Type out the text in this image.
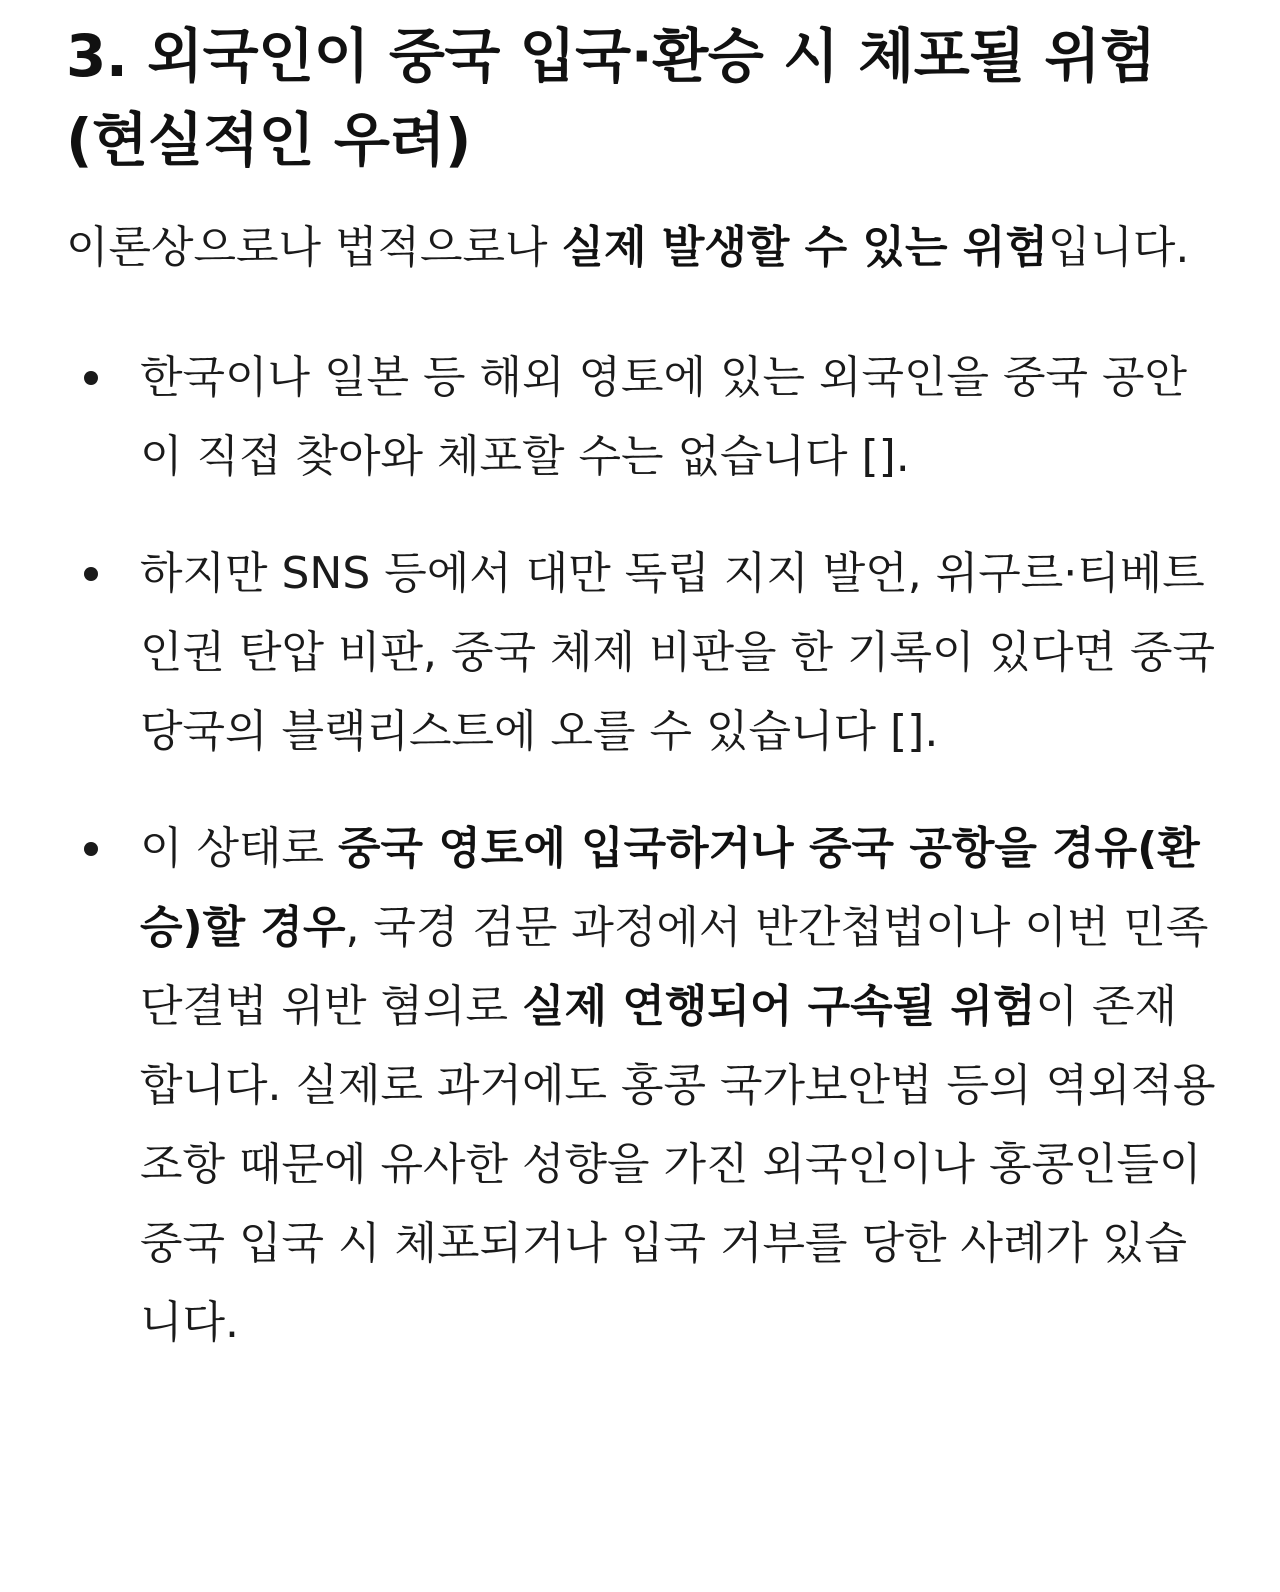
3. 외국인이 중국 입국·환승 시 체포될 위험 (현실적인 우려)

이론상으로나 법적으로나 실제 발생할 수 있는 위험입니다.

한국이나 일본 등 해외 영토에 있는 외국인을 중국 공안이 직접 찾아와 체포할 수는 없습니다 [].
하지만 SNS 등에서 대만 독립 지지 발언, 위구르·티베트 인권 탄압 비판, 중국 체제 비판을 한 기록이 있다면 중국 당국의 블랙리스트에 오를 수 있습니다 [].
이 상태로 중국 영토에 입국하거나 중국 공항을 경유(환승)할 경우, 국경 검문 과정에서 반간첩법이나 이번 민족단결법 위반 혐의로 실제 연행되어 구속될 위험이 존재합니다. 실제로 과거에도 홍콩 국가보안법 등의 역외적용 조항 때문에 유사한 성향을 가진 외국인이나 홍콩인들이 중국 입국 시 체포되거나 입국 거부를 당한 사례가 있습니다.
